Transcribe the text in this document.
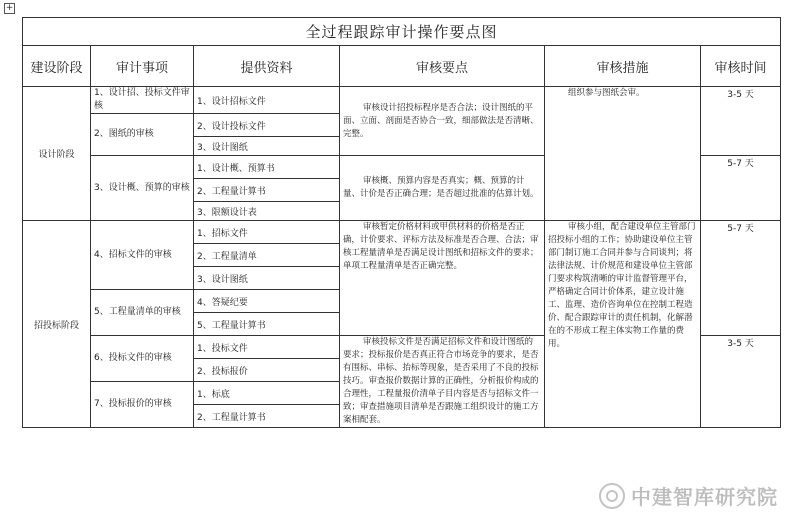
+
全过程跟踪审计操作要点图					
建设阶段	审计事项	提供资料	审核要点	审核措施	审核时间
设计阶段	1、设计招、投标文件审核	1、设计招标文件	审核设计招投标程序是否合法；设计图纸的平面、立面、剖面是否协合一致，细部做法是否清晰、完整。	组织参与图纸会审。	3-5 天
	2、图纸的审核	2、设计投标文件			
		3、设计图纸			
	3、设计概、预算的审核	1、设计概、预算书	审核概、预算内容是否真实；概、预算的计量、计价是否正确合理；是否超过批准的估算计划。		5-7 天
		2、工程量计算书			
		3、限额设计表			
招投标阶段	4、招标文件的审核	1、招标文件	审核暂定价格材料或甲供材料的价格是否正确，计价要求、评标方法及标准是否合理、合法；审核工程量清单是否满足设计图纸和招标文件的要求；单项工程量清单是否正确完整。	审核小组，配合建设单位主管部门招投标小组的工作；协助建设单位主管部门制订施工合同并参与合同谈判；将法律法规、计价规范和建设单位主管部门要求构筑清晰的审计监督管理平台，严格确定合同计价体系，建立设计施工、监理、造价咨询单位在控制工程造价、配合跟踪审计的责任机制，化解潜在的不形成工程主体实物工作量的费用。	5-7 天
		2、工程量清单			
		3、设计图纸			
	5、工程量清单的审核	4、答疑纪要			
		5、工程量计算书			
	6、投标文件的审核	1、投标文件	审核投标文件是否满足招标文件和设计图纸的要求；投标报价是否真正符合市场竞争的要求，是否有围标、串标、抬标等现象，是否采用了不良的投标技巧。审查报价数据计算的正确性，分析报价构成的合理性，工程量报价清单子目内容是否与招标文件一致；审查措施项目清单是否跟施工组织设计的施工方案相配套。		3-5 天
		2、投标报价			
	7、投标报价的审核	1、标底			
		2、工程量计算书			
中建智库研究院
